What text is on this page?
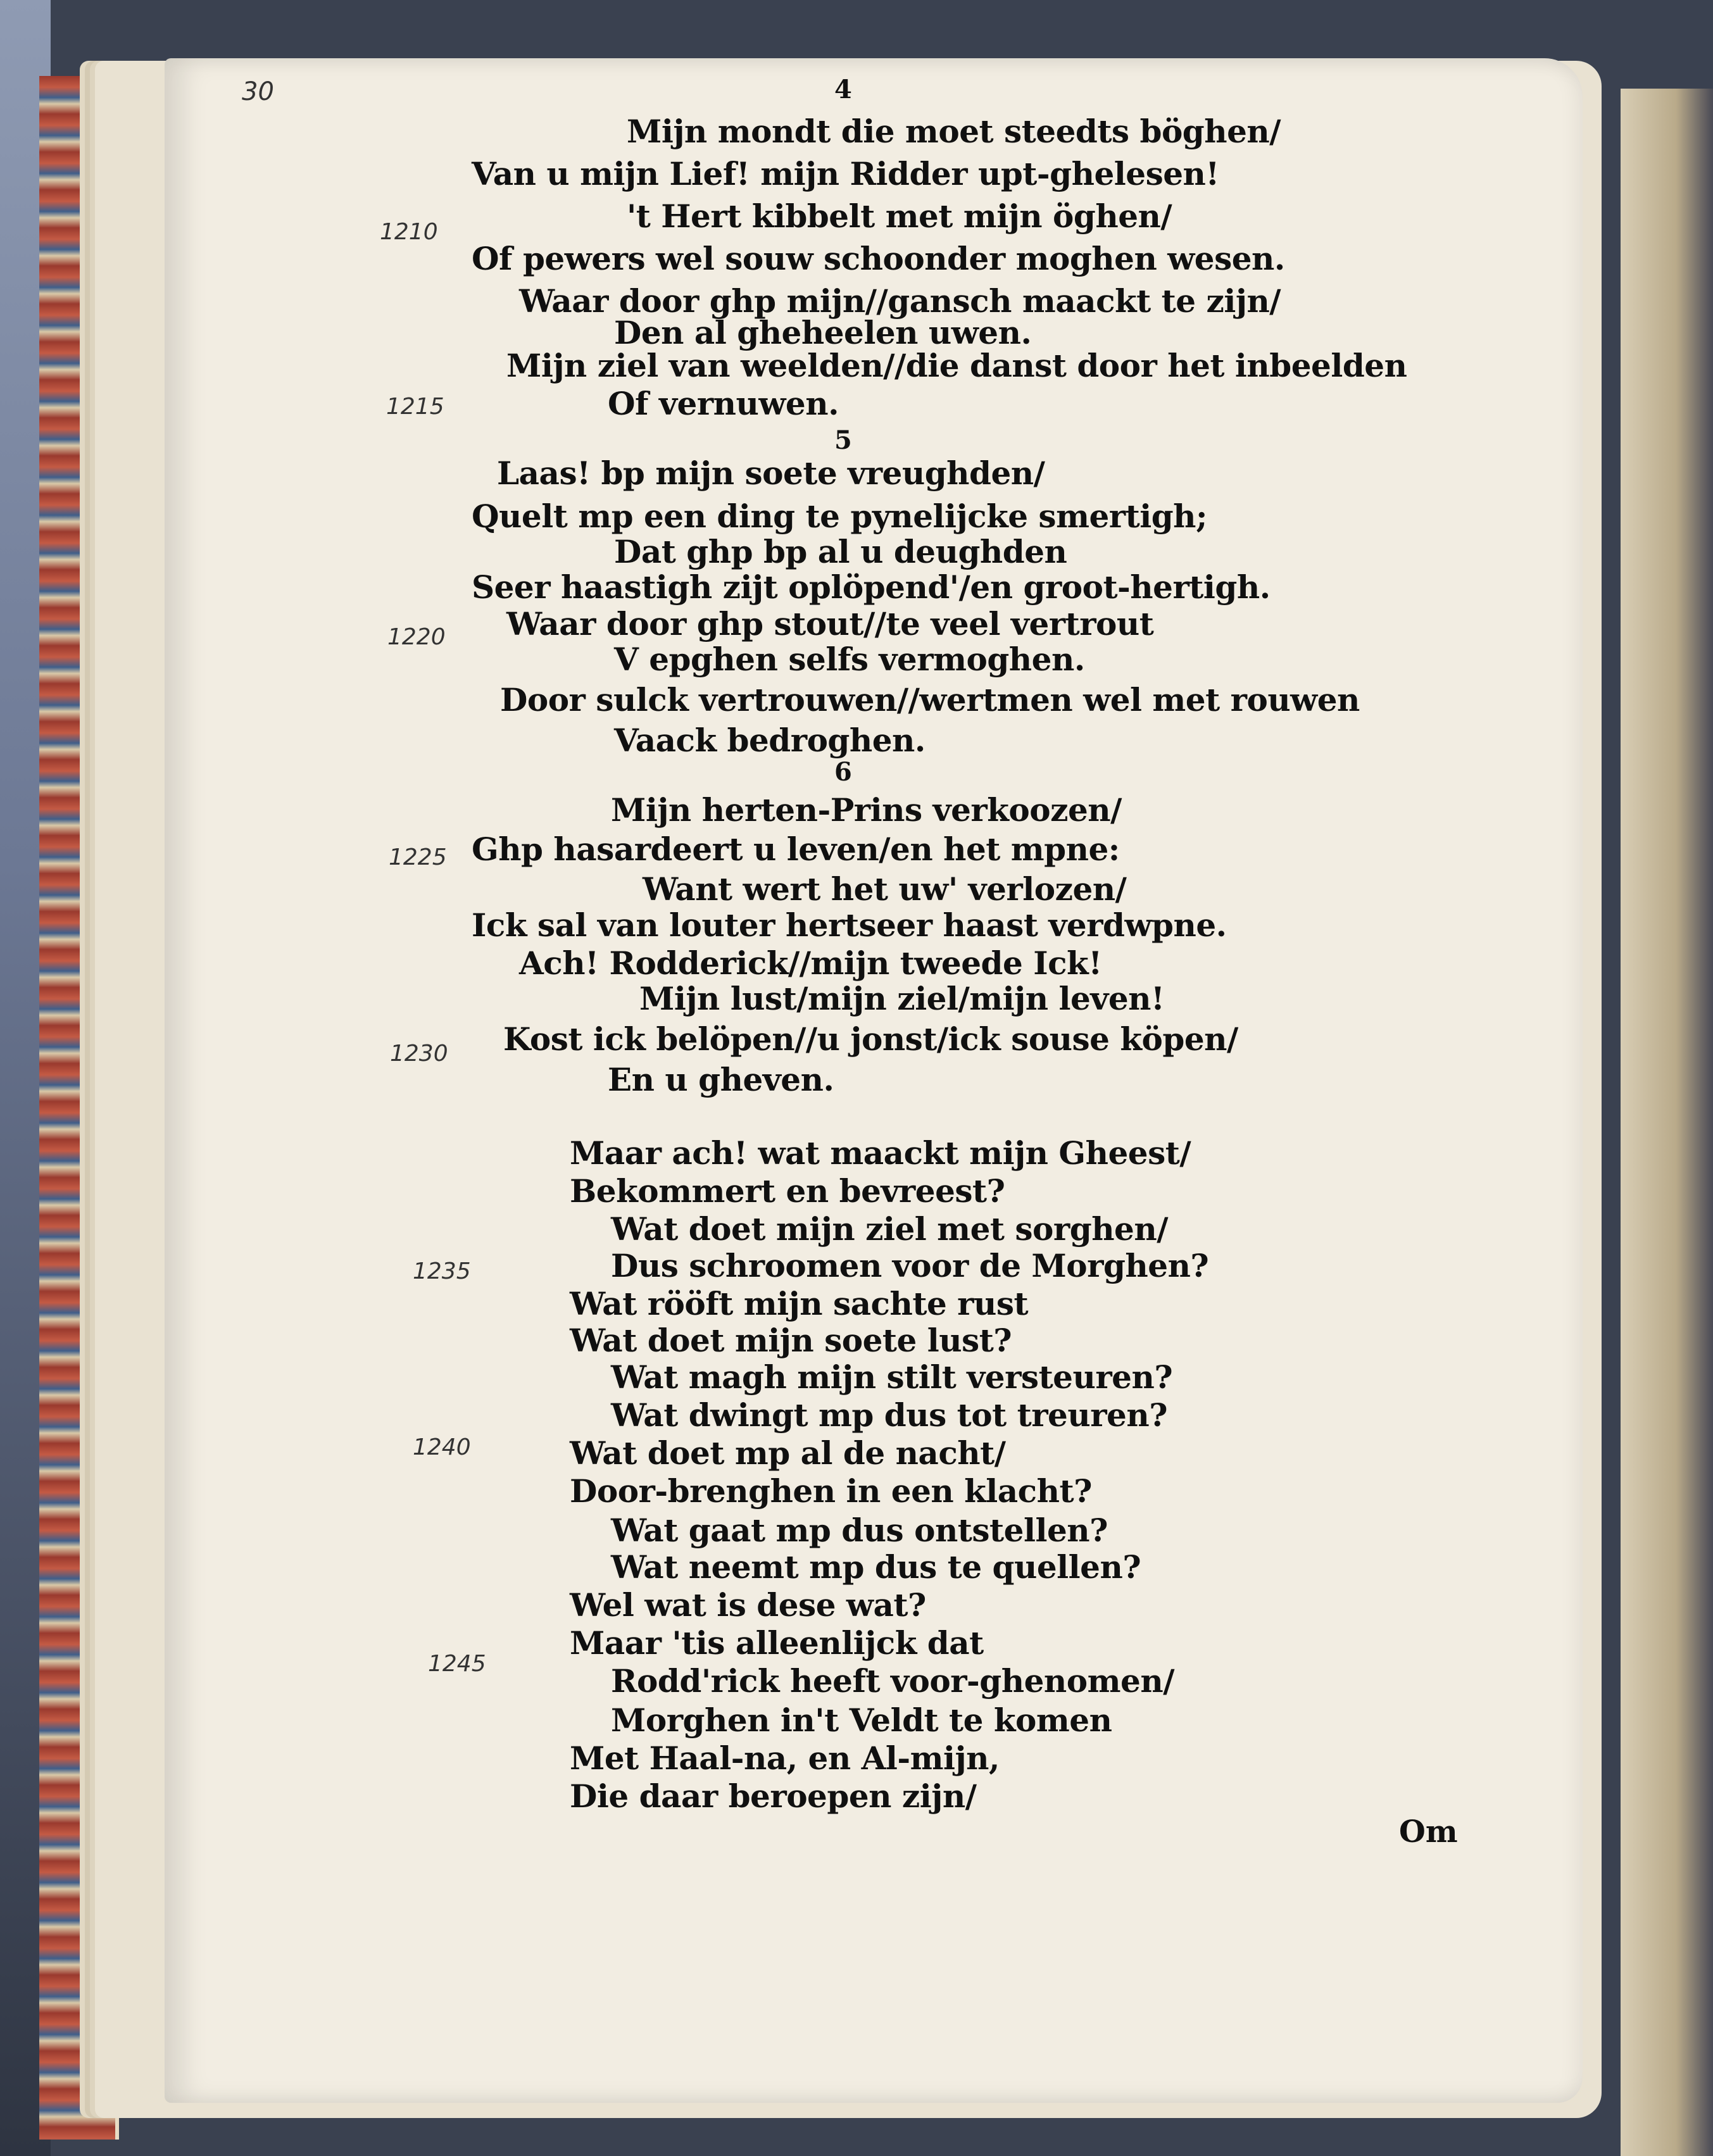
30	4
Mijn mondt die moet steedts böghen/
Van u mijn Lief! mijn Ridder upt-ghelesen!
't Hert kibbelt met mijn öghen/
Of pewers wel souw schoonder moghen wesen.
Waar door ghp mijn//gansch maackt te zijn/
Den al gheheelen uwen.
Mijn ziel van weelden//die danst door het inbeelden
Of vernuwen.
5
Laas! bp mijn soete vreughden/
Quelt mp een ding te pynelijcke smertigh;
Dat ghp bp al u deughden
Seer haastigh zijt oplöpend'/en groot-hertigh.
Waar door ghp stout//te veel vertrout
V epghen selfs vermoghen.
Door sulck vertrouwen//wertmen wel met rouwen
Vaack bedroghen.
6
Mijn herten-Prins verkoozen/
Ghp hasardeert u leven/en het mpne:
Want wert het uw' verlozen/
Ick sal van louter hertseer haast verdwpne.
Ach! Rodderick//mijn tweede Ick!
Mijn lust/mijn ziel/mijn leven!
Kost ick belöpen//u jonst/ick souse köpen/
En u gheven.
Maar ach! wat maackt mijn Gheest/
Bekommert en bevreest?
Wat doet mijn ziel met sorghen/
Dus schroomen voor de Morghen?
Wat rööft mijn sachte rust
Wat doet mijn soete lust?
Wat magh mijn stilt versteuren?
Wat dwingt mp dus tot treuren?
Wat doet mp al de nacht/
Door-brenghen in een klacht?
Wat gaat mp dus ontstellen?
Wat neemt mp dus te quellen?
Wel wat is dese wat?
Maar 'tis alleenlijck dat
Rodd'rick heeft voor-ghenomen/
Morghen in't Veldt te komen
Met Haal-na, en Al-mijn,
Die daar beroepen zijn/
1210
1215
1220
1225
1230
1235
1240
1245
Om
